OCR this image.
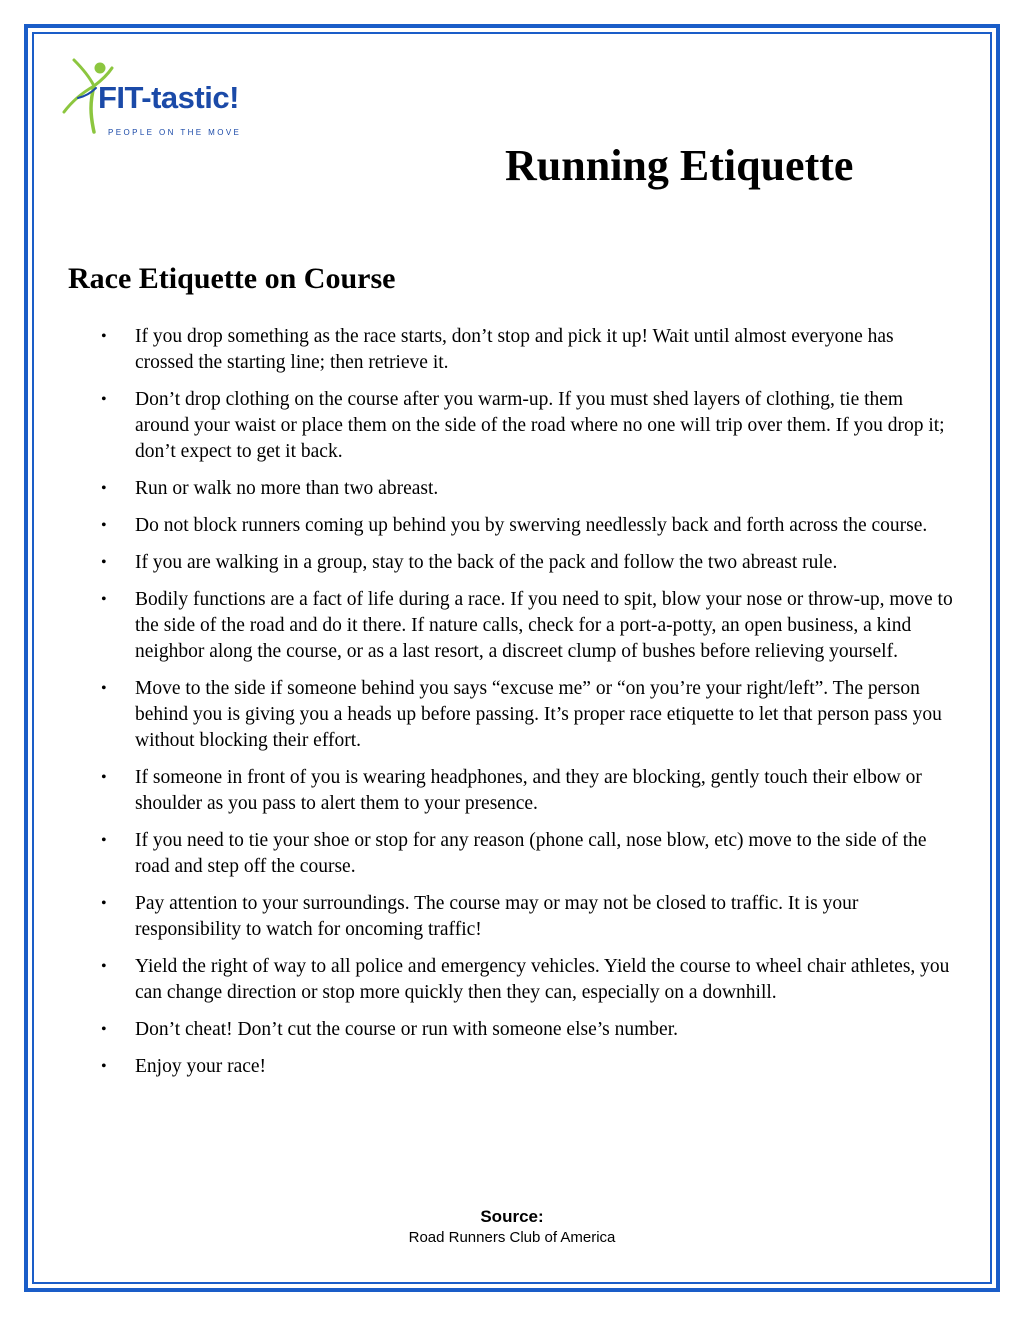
FIT-tastic!
PEOPLE ON THE MOVE
Running Etiquette
Race Etiquette on Course
• If you drop something as the race starts, don’t stop and pick it up! Wait until almost everyone has crossed the starting line; then retrieve it.
• Don’t drop clothing on the course after you warm-up. If you must shed layers of clothing, tie them around your waist or place them on the side of the road where no one will trip over them. If you drop it; don’t expect to get it back.
• Run or walk no more than two abreast.
• Do not block runners coming up behind you by swerving needlessly back and forth across the course.
• If you are walking in a group, stay to the back of the pack and follow the two abreast rule.
• Bodily functions are a fact of life during a race. If you need to spit, blow your nose or throw-up, move to the side of the road and do it there. If nature calls, check for a port-a-potty, an open business, a kind neighbor along the course, or as a last resort, a discreet clump of bushes before relieving yourself.
• Move to the side if someone behind you says “excuse me” or “on you’re your right/left”. The person behind you is giving you a heads up before passing. It’s proper race etiquette to let that person pass you without blocking their effort.
• If someone in front of you is wearing headphones, and they are blocking, gently touch their elbow or shoulder as you pass to alert them to your presence.
• If you need to tie your shoe or stop for any reason (phone call, nose blow, etc) move to the side of the road and step off the course.
• Pay attention to your surroundings. The course may or may not be closed to traffic. It is your responsibility to watch for oncoming traffic!
• Yield the right of way to all police and emergency vehicles. Yield the course to wheel chair athletes, you can change direction or stop more quickly then they can, especially on a downhill.
• Don’t cheat! Don’t cut the course or run with someone else’s number.
• Enjoy your race!
Source:
Road Runners Club of America
